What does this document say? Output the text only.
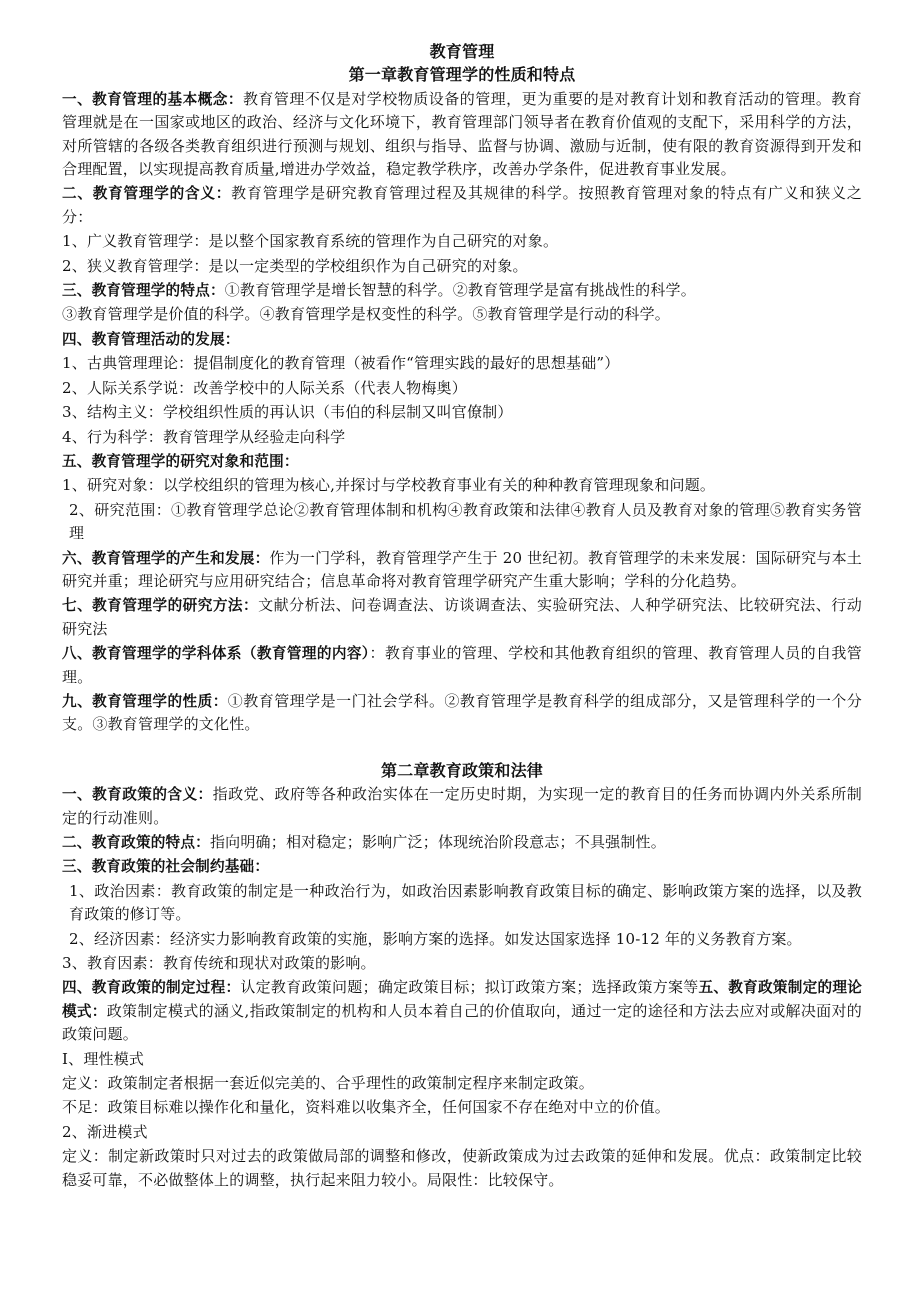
教育管理

第一章教育管理学的性质和特点

一、教育管理的基本概念：教育管理不仅是对学校物质设备的管理，更为重要的是对教育计划和教育活动的管理。教育管理就是在一国家或地区的政治、经济与文化环境下，教育管理部门领导者在教育价值观的支配下，采用科学的方法，对所管辖的各级各类教育组织进行预测与规划、组织与指导、监督与协调、激励与近制，使有限的教育资源得到开发和合理配置，以实现提高教育质量,增进办学效益，稳定教学秩序，改善办学条件，促进教育事业发展。

二、教育管理学的含义：教育管理学是研究教育管理过程及其规律的科学。按照教育管理对象的特点有广义和狭义之分：

1、广义教育管理学：是以整个国家教育系统的管理作为自己研究的对象。

2、狭义教育管理学：是以一定类型的学校组织作为自己研究的对象。

三、教育管理学的特点：①教育管理学是增长智慧的科学。②教育管理学是富有挑战性的科学。

③教育管理学是价值的科学。④教育管理学是权变性的科学。⑤教育管理学是行动的科学。

四、教育管理活动的发展：

1、古典管理理论：提倡制度化的教育管理（被看作“管理实践的最好的思想基础”）

2、人际关系学说：改善学校中的人际关系（代表人物梅奥）

3、结构主义：学校组织性质的再认识（韦伯的科层制又叫官僚制）

4、行为科学：教育管理学从经验走向科学

五、教育管理学的研究对象和范围：

1、研究对象：以学校组织的管理为核心,并探讨与学校教育事业有关的种种教育管理现象和问题。

2、研究范围：①教育管理学总论②教育管理体制和机构④教育政策和法律④教育人员及教育对象的管理⑤教育实务管理

六、教育管理学的产生和发展：作为一门学科，教育管理学产生于 20 世纪初。教育管理学的未来发展：国际研究与本土研究并重；理论研究与应用研究结合；信息革命将对教育管理学研究产生重大影响；学科的分化趋势。

七、教育管理学的研究方法：文献分析法、问卷调查法、访谈调查法、实验研究法、人种学研究法、比较研究法、行动研究法

八、教育管理学的学科体系（教育管理的内容）：教育事业的管理、学校和其他教育组织的管理、教育管理人员的自我管理。

九、教育管理学的性质：①教育管理学是一门社会学科。②教育管理学是教育科学的组成部分，又是管理科学的一个分支。③教育管理学的文化性。

第二章教育政策和法律

一、教育政策的含义：指政党、政府等各种政治实体在一定历史时期，为实现一定的教育目的任务而协调内外关系所制定的行动准则。

二、教育政策的特点：指向明确；相对稳定；影响广泛；体现统治阶段意志；不具强制性。

三、教育政策的社会制约基础：

1、政治因素：教育政策的制定是一种政治行为，如政治因素影响教育政策目标的确定、影响政策方案的选择，以及教育政策的修订等。

2、经济因素：经济实力影响教育政策的实施，影响方案的选择。如发达国家选择 10-12 年的义务教育方案。

3、教育因素：教育传统和现状对政策的影响。

四、教育政策的制定过程：认定教育政策问题；确定政策目标；拟订政策方案；选择政策方案等五、教育政策制定的理论模式：政策制定模式的涵义,指政策制定的机构和人员本着自己的价值取向，通过一定的途径和方法去应对或解决面对的政策问题。

I、理性模式

定义：政策制定者根据一套近似完美的、合乎理性的政策制定程序来制定政策。

不足：政策目标难以操作化和量化，资料难以收集齐全，任何国家不存在绝对中立的价值。

2、渐进模式

定义：制定新政策时只对过去的政策做局部的调整和修改，使新政策成为过去政策的延伸和发展。优点：政策制定比较稳妥可靠，不必做整体上的调整，执行起来阻力较小。局限性：比较保守。
